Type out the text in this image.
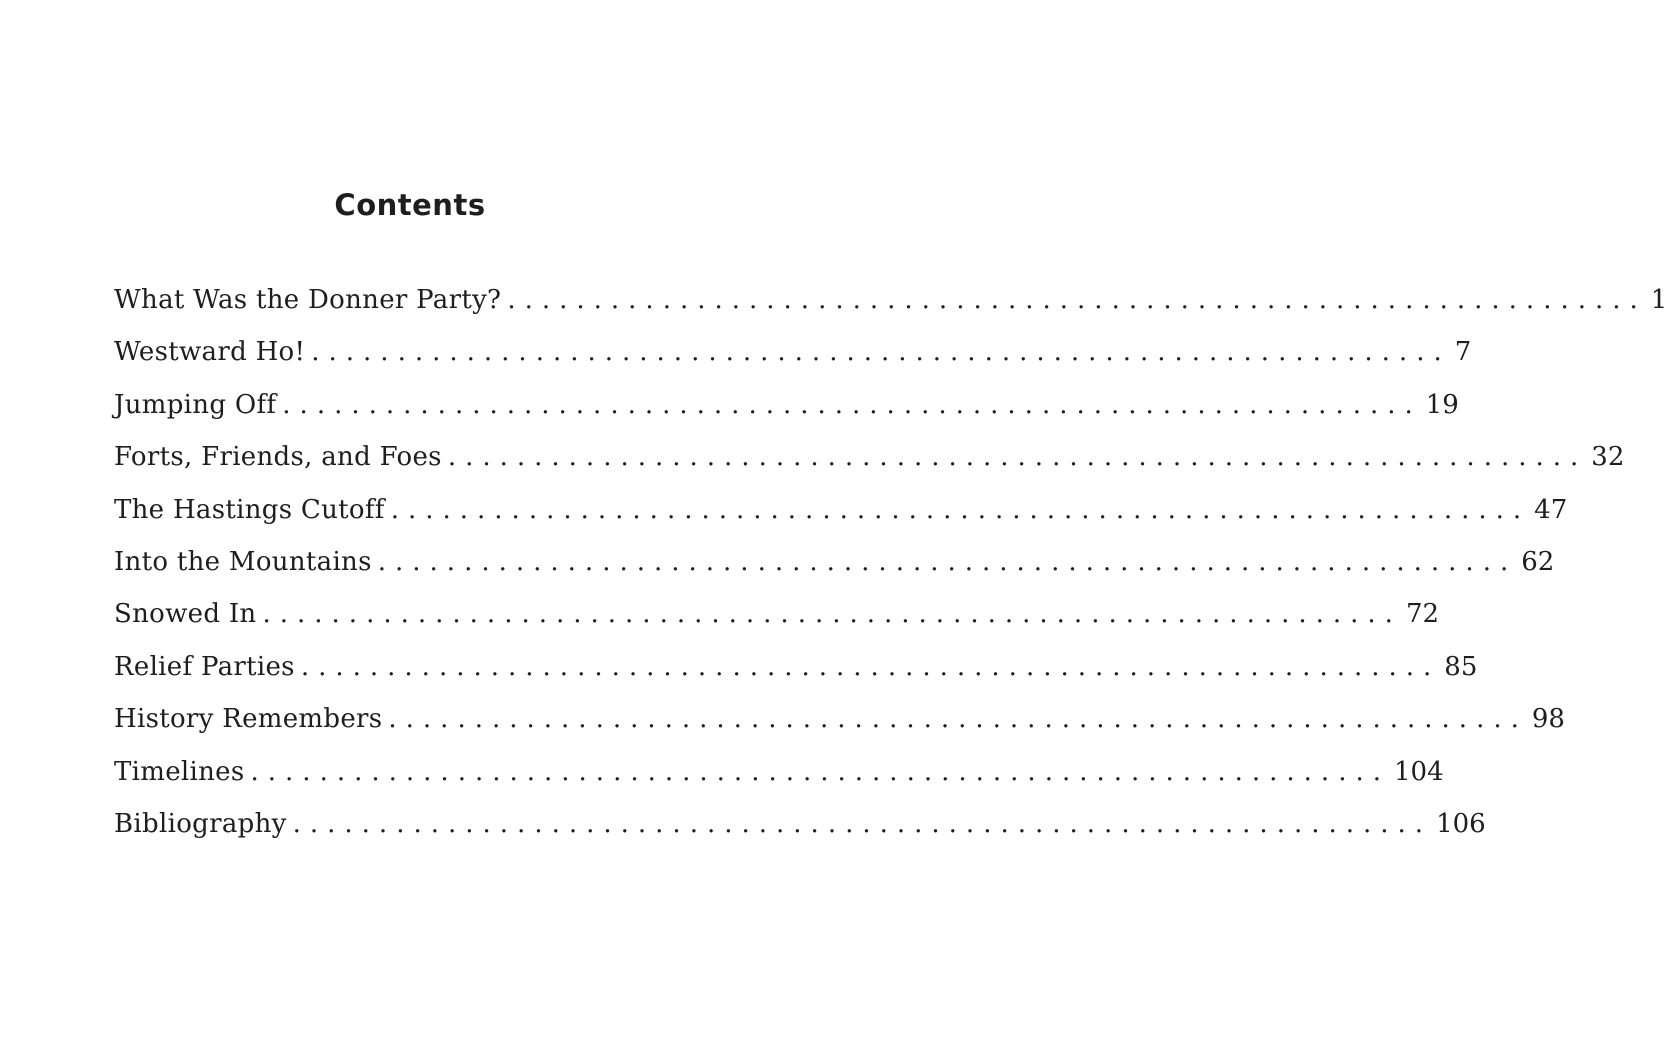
Contents
What Was the Donner Party? .................................................................. 1
Westward Ho! .................................................................. 7
Jumping Off .................................................................. 19
Forts, Friends, and Foes .................................................................. 32
The Hastings Cutoff .................................................................. 47
Into the Mountains .................................................................. 62
Snowed In .................................................................. 72
Relief Parties .................................................................. 85
History Remembers .................................................................. 98
Timelines .................................................................. 104
Bibliography .................................................................. 106
